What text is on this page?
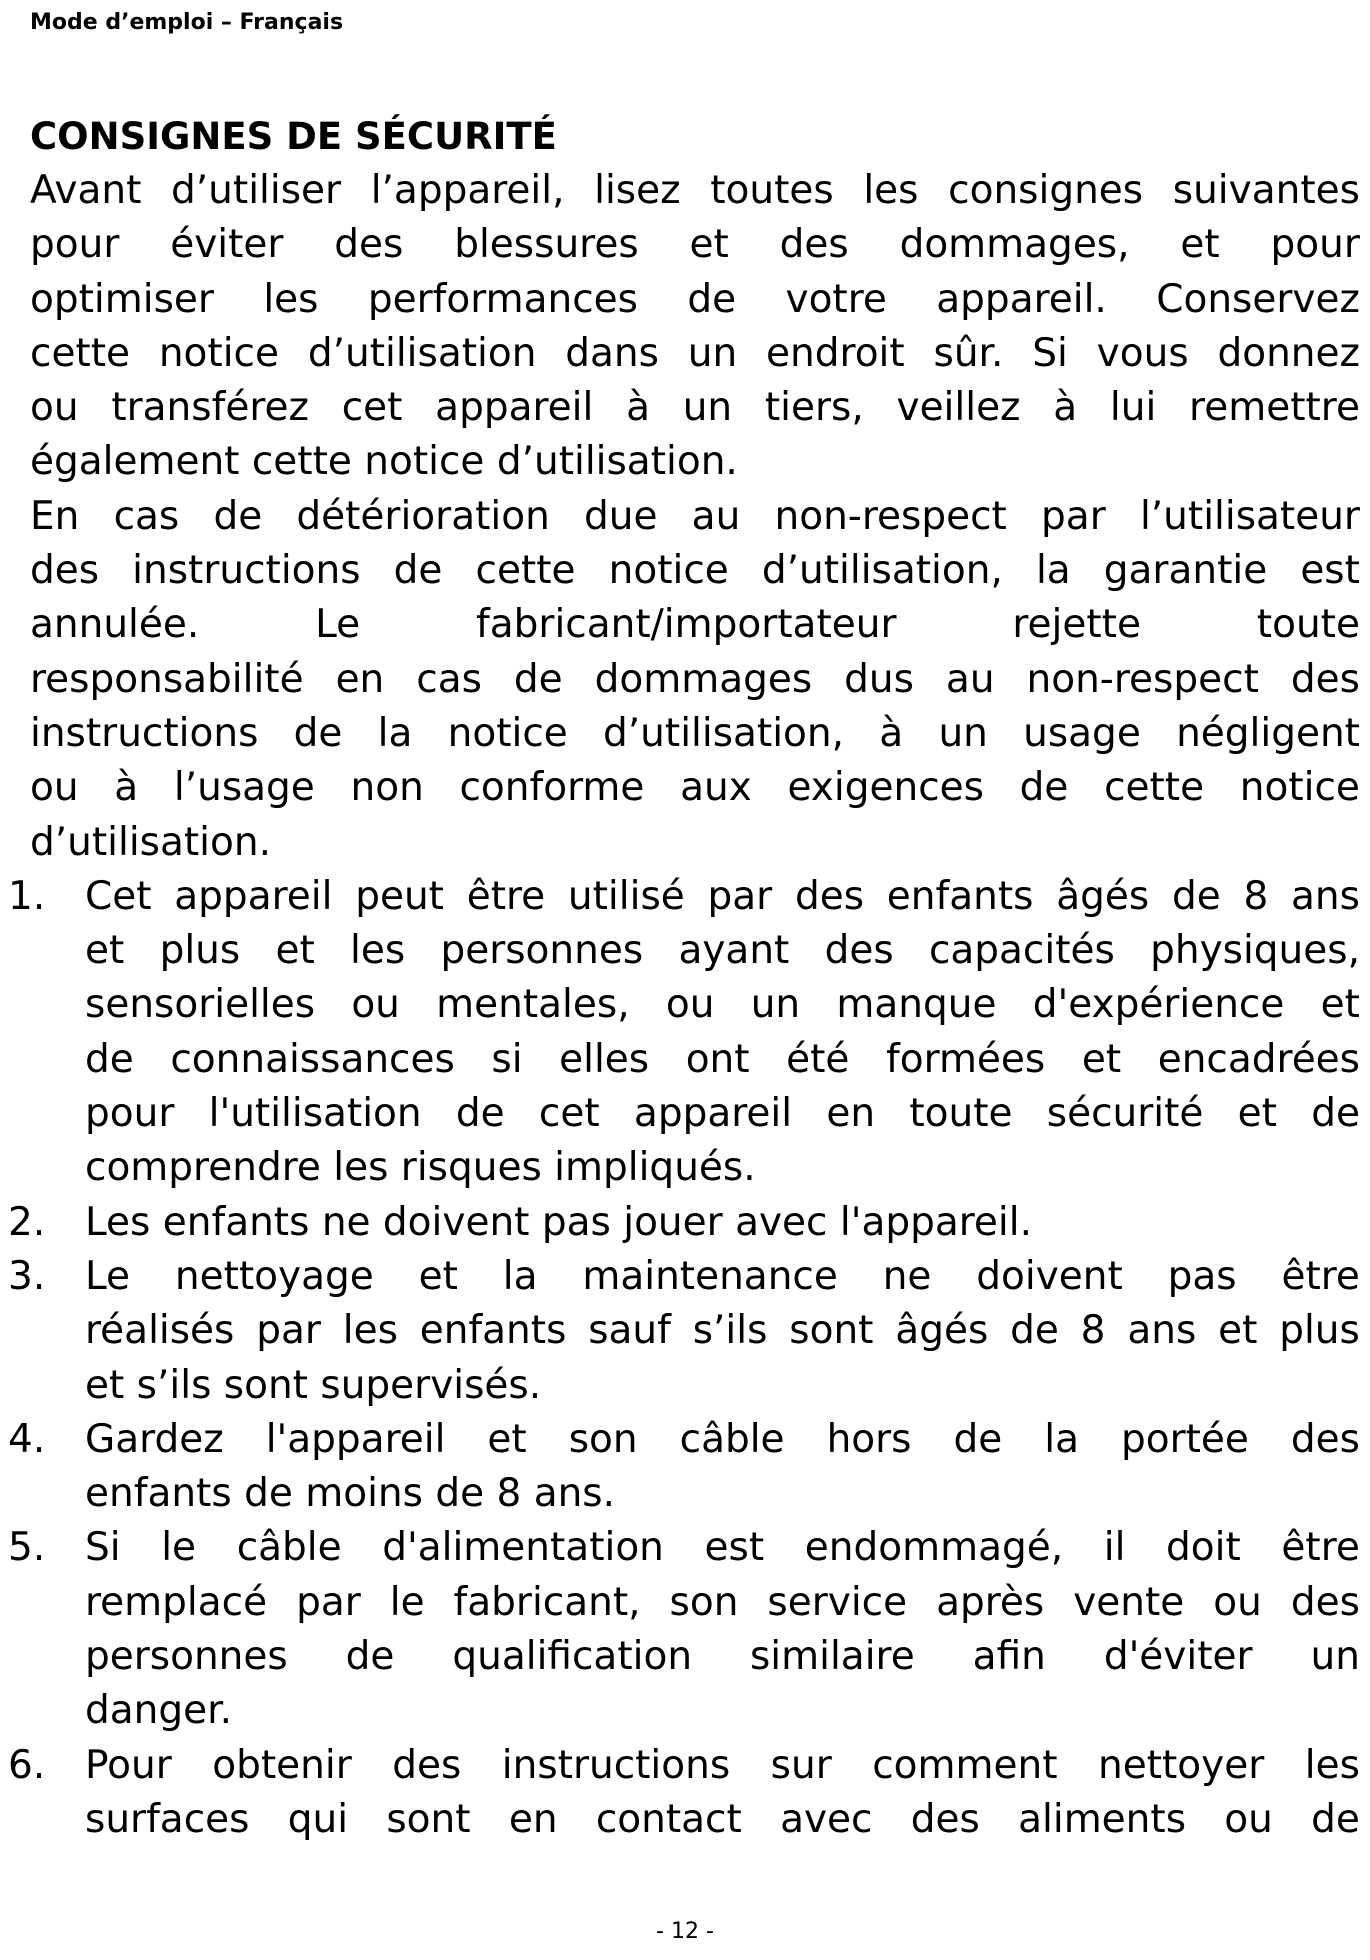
Mode d’emploi – Français
CONSIGNES DE SÉCURITÉ
Avant d’utiliser l’appareil, lisez toutes les consignes suivantes
pour éviter des blessures et des dommages, et pour
optimiser les performances de votre appareil. Conservez
cette notice d’utilisation dans un endroit sûr. Si vous donnez
ou transférez cet appareil à un tiers, veillez à lui remettre
également cette notice d’utilisation.
En cas de détérioration due au non-respect par l’utilisateur
des instructions de cette notice d’utilisation, la garantie est
annulée.	Le	fabricant/importateur	rejette	toute
responsabilité en cas de dommages dus au non-respect des
instructions de la notice d’utilisation, à un usage négligent
ou à l’usage non conforme aux exigences de cette notice
d’utilisation.
1. Cet appareil peut être utilisé par des enfants âgés de 8 ans
et plus et les personnes ayant des capacités physiques,
sensorielles ou mentales, ou un manque d'expérience et
de connaissances si elles ont été formées et encadrées
pour l'utilisation de cet appareil en toute sécurité et de
comprendre les risques impliqués.
2. Les enfants ne doivent pas jouer avec l'appareil.
3. Le nettoyage et la maintenance ne doivent pas être
réalisés par les enfants sauf s’ils sont âgés de 8 ans et plus
et s’ils sont supervisés.
4. Gardez l'appareil et son câble hors de la portée des
enfants de moins de 8 ans.
5. Si le câble d'alimentation est endommagé, il doit être
remplacé par le fabricant, son service après vente ou des
personnes de qualification similaire afin d'éviter un
danger.
6. Pour obtenir des instructions sur comment nettoyer les
surfaces qui sont en contact avec des aliments ou de
- 12 -
